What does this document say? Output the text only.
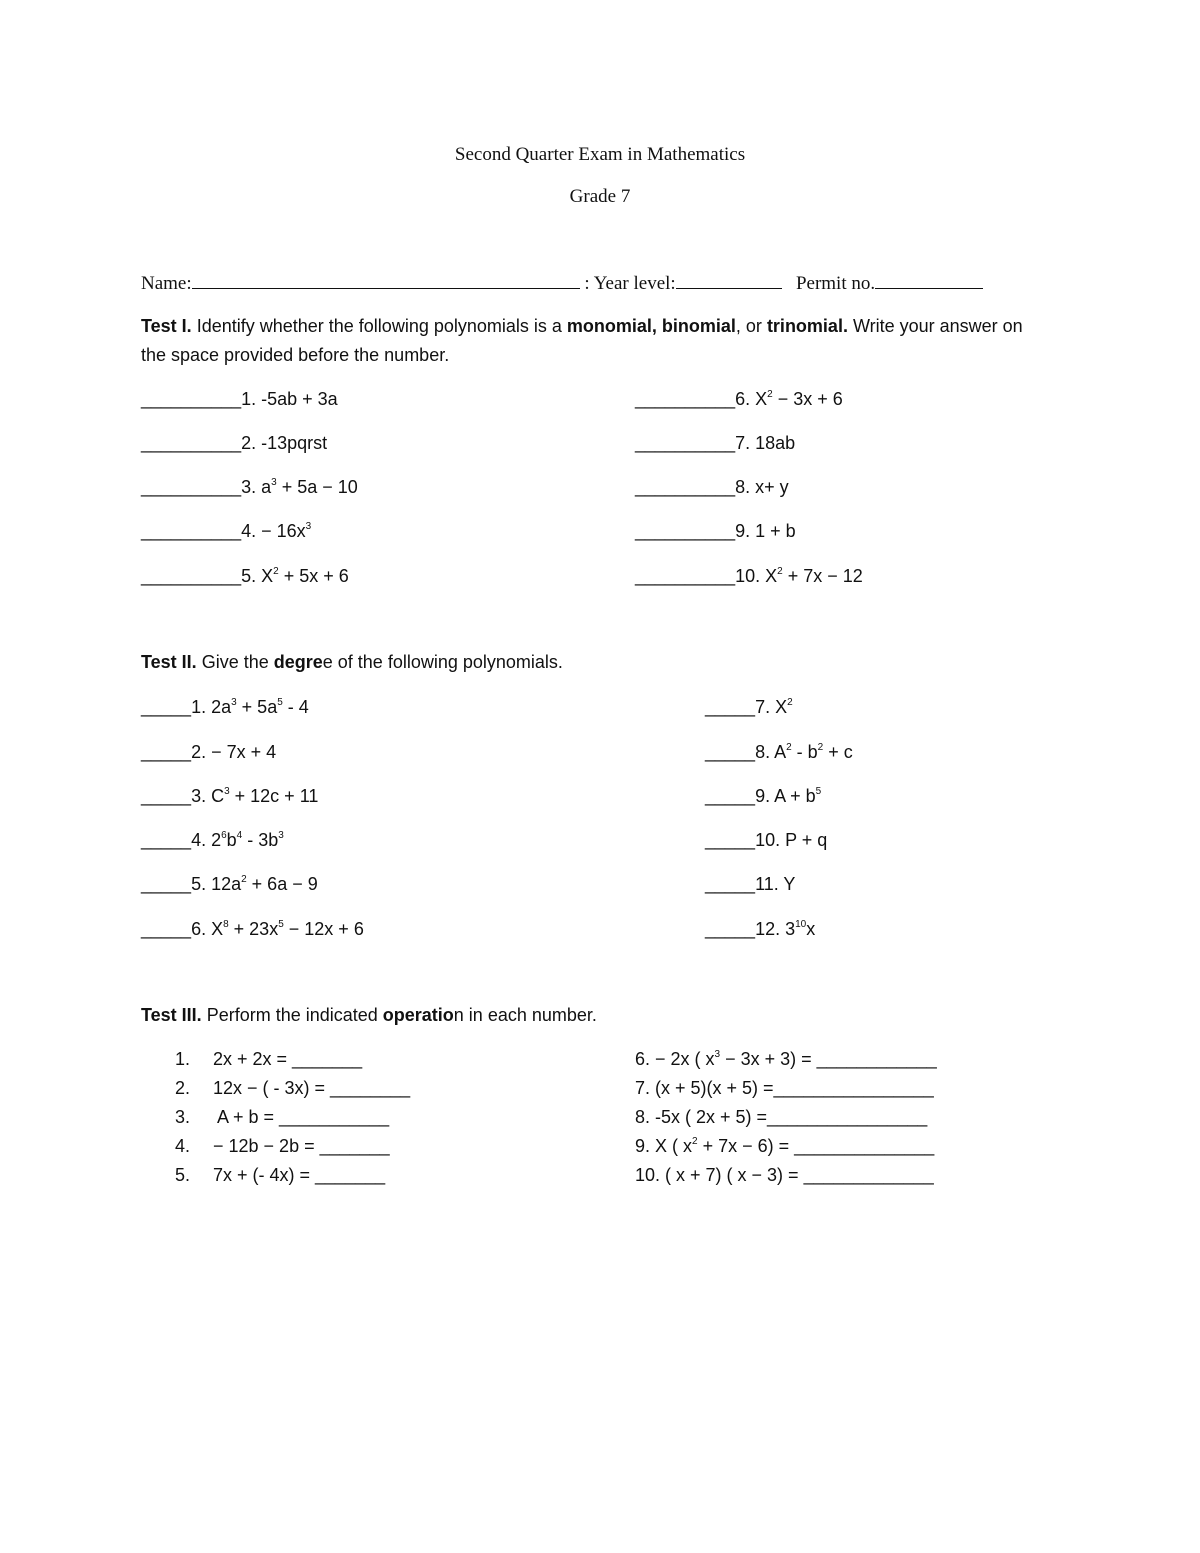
Second Quarter Exam in Mathematics
Grade 7
Name:	: Year level:	Permit no.
Test I. Identify whether the following polynomials is a monomial, binomial, or trinomial. Write your answer on the space provided before the number.
__________1. -5ab + 3a
__________2. -13pqrst
__________3. $a^3 + 5a - 10$
__________4. − $16x^3$
__________5. $X^2 + 5x + 6$
__________6. $X^2 - 3x + 6$
__________7. 18ab
__________8. x+ y
__________9. 1 + b
__________10. $X^2 + 7x - 12$
Test II. Give the degree of the following polynomials.
_____1. $2a^3 + 5a^5 - 4$
_____2. − 7x + 4
_____3. $C^3 + 12c + 11$
_____4. $2^6b^4 - 3b^3$
_____5. $12a^2 + 6a - 9$
_____6. $X^8 + 23x^5 - 12x + 6$
_____7. $X^2$
_____8. $A^2 - b^2 + c$
_____9. $A + b^5$
_____10. P + q
_____11. Y
_____12. $3^{10}x$
Test III. Perform the indicated operation in each number.
1. 2x + 2x = _______
2. 12x − ( - 3x) = ________
3. A + b = ___________
4. − 12b − 2b = _______
5. 7x + (- 4x) = _______
6. − 2x ( $x^3 - 3x + 3$) = ____________
7. (x + 5)(x + 5) =________________
8. -5x ( 2x + 5) =________________
9. X ( $x^2 + 7x - 6$) = ______________
10. ( x + 7) ( x − 3) = _____________
